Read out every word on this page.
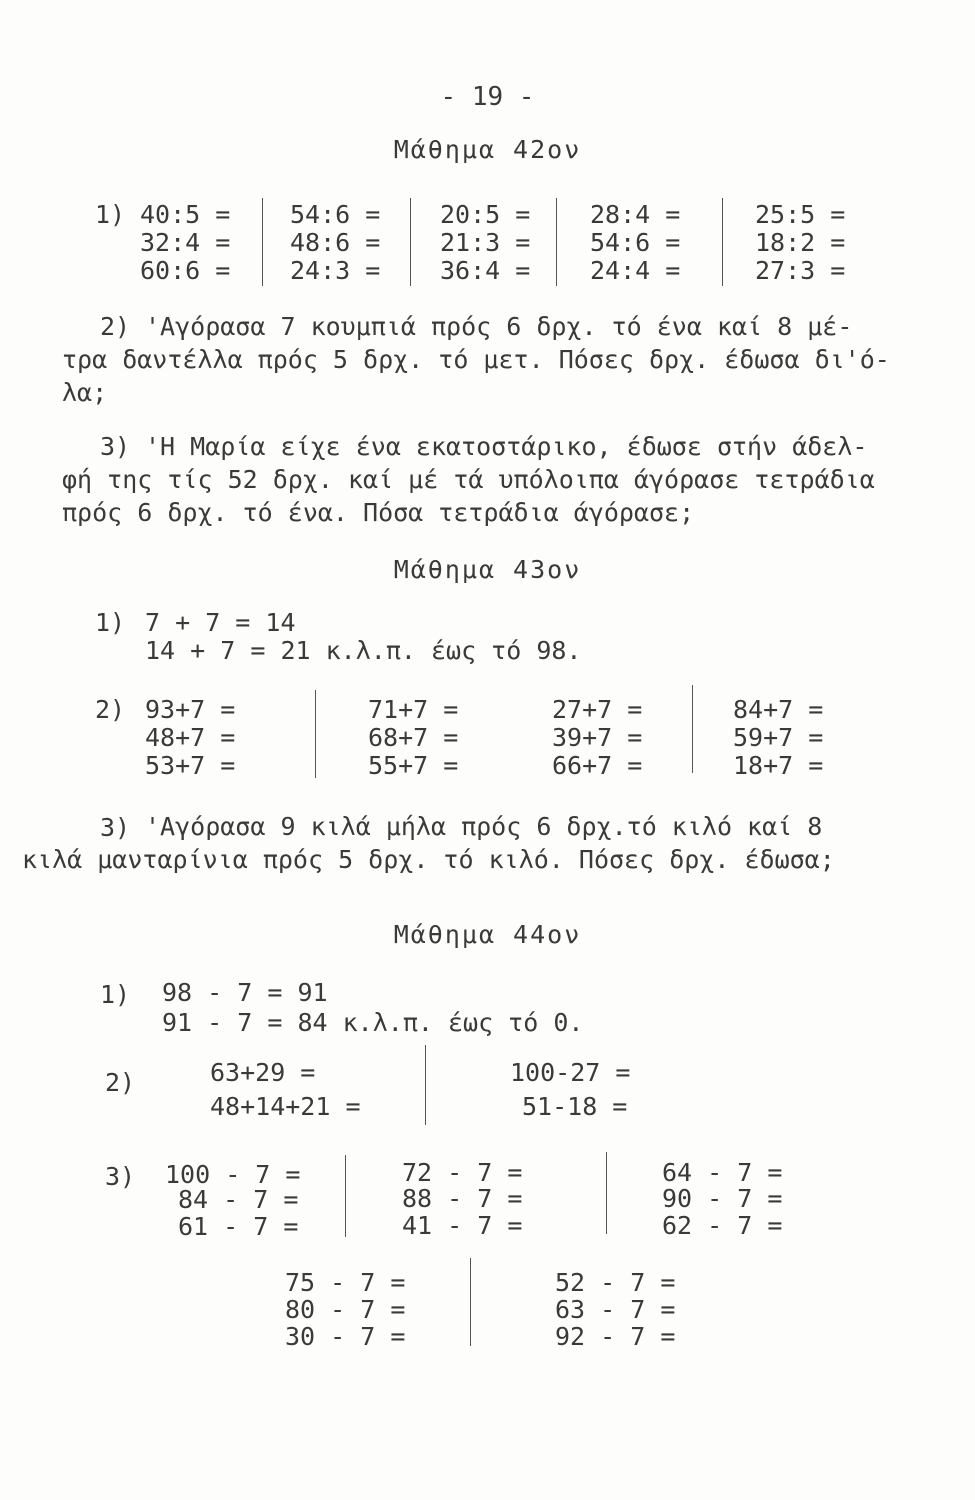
- 19 -
Μάθημα 42ον
1) 40:5 =
32:4 =
60:6 =
54:6 =
48:6 =
24:3 =
20:5 =
21:3 =
36:4 =
28:4 =
54:6 =
24:4 =
25:5 =
18:2 =
27:3 =
2) 'Αγόρασα 7 κουμπιά πρός 6 δρχ. τό ένα καί 8 μέ-
τρα δαντέλλα πρός 5 δρχ. τό μετ. Πόσες δρχ. έδωσα δι'ό-
λα;
3) 'Η Μαρία είχε ένα εκατοστάρικο, έδωσε στήν άδελ-
φή της τίς 52 δρχ. καί μέ τά υπόλοιπα άγόρασε τετράδια
πρός 6 δρχ. τό ένα. Πόσα τετράδια άγόρασε;
Μάθημα 43ον
1) 7 + 7 = 14
14 + 7 = 21 κ.λ.π. έως τό 98.
2) 93+7 =
48+7 =
53+7 =
71+7 =
68+7 =
55+7 =
27+7 =
39+7 =
66+7 =
84+7 =
59+7 =
18+7 =
3) 'Αγόρασα 9 κιλά μήλα πρός 6 δρχ.τό κιλό καί 8
κιλά μανταρίνια πρός 5 δρχ. τό κιλό. Πόσες δρχ. έδωσα;
Μάθημα 44ον
1) 98 - 7 = 91
91 - 7 = 84 κ.λ.π. έως τό 0.
2)	63+29 =
48+14+21 =
100-27 =
51-18 =
3) 100 - 7 =
84 - 7 =
61 - 7 =
72 - 7 =
88 - 7 =
41 - 7 =
64 - 7 =
90 - 7 =
62 - 7 =
75 - 7 =
80 - 7 =
30 - 7 =
52 - 7 =
63 - 7 =
92 - 7 =
